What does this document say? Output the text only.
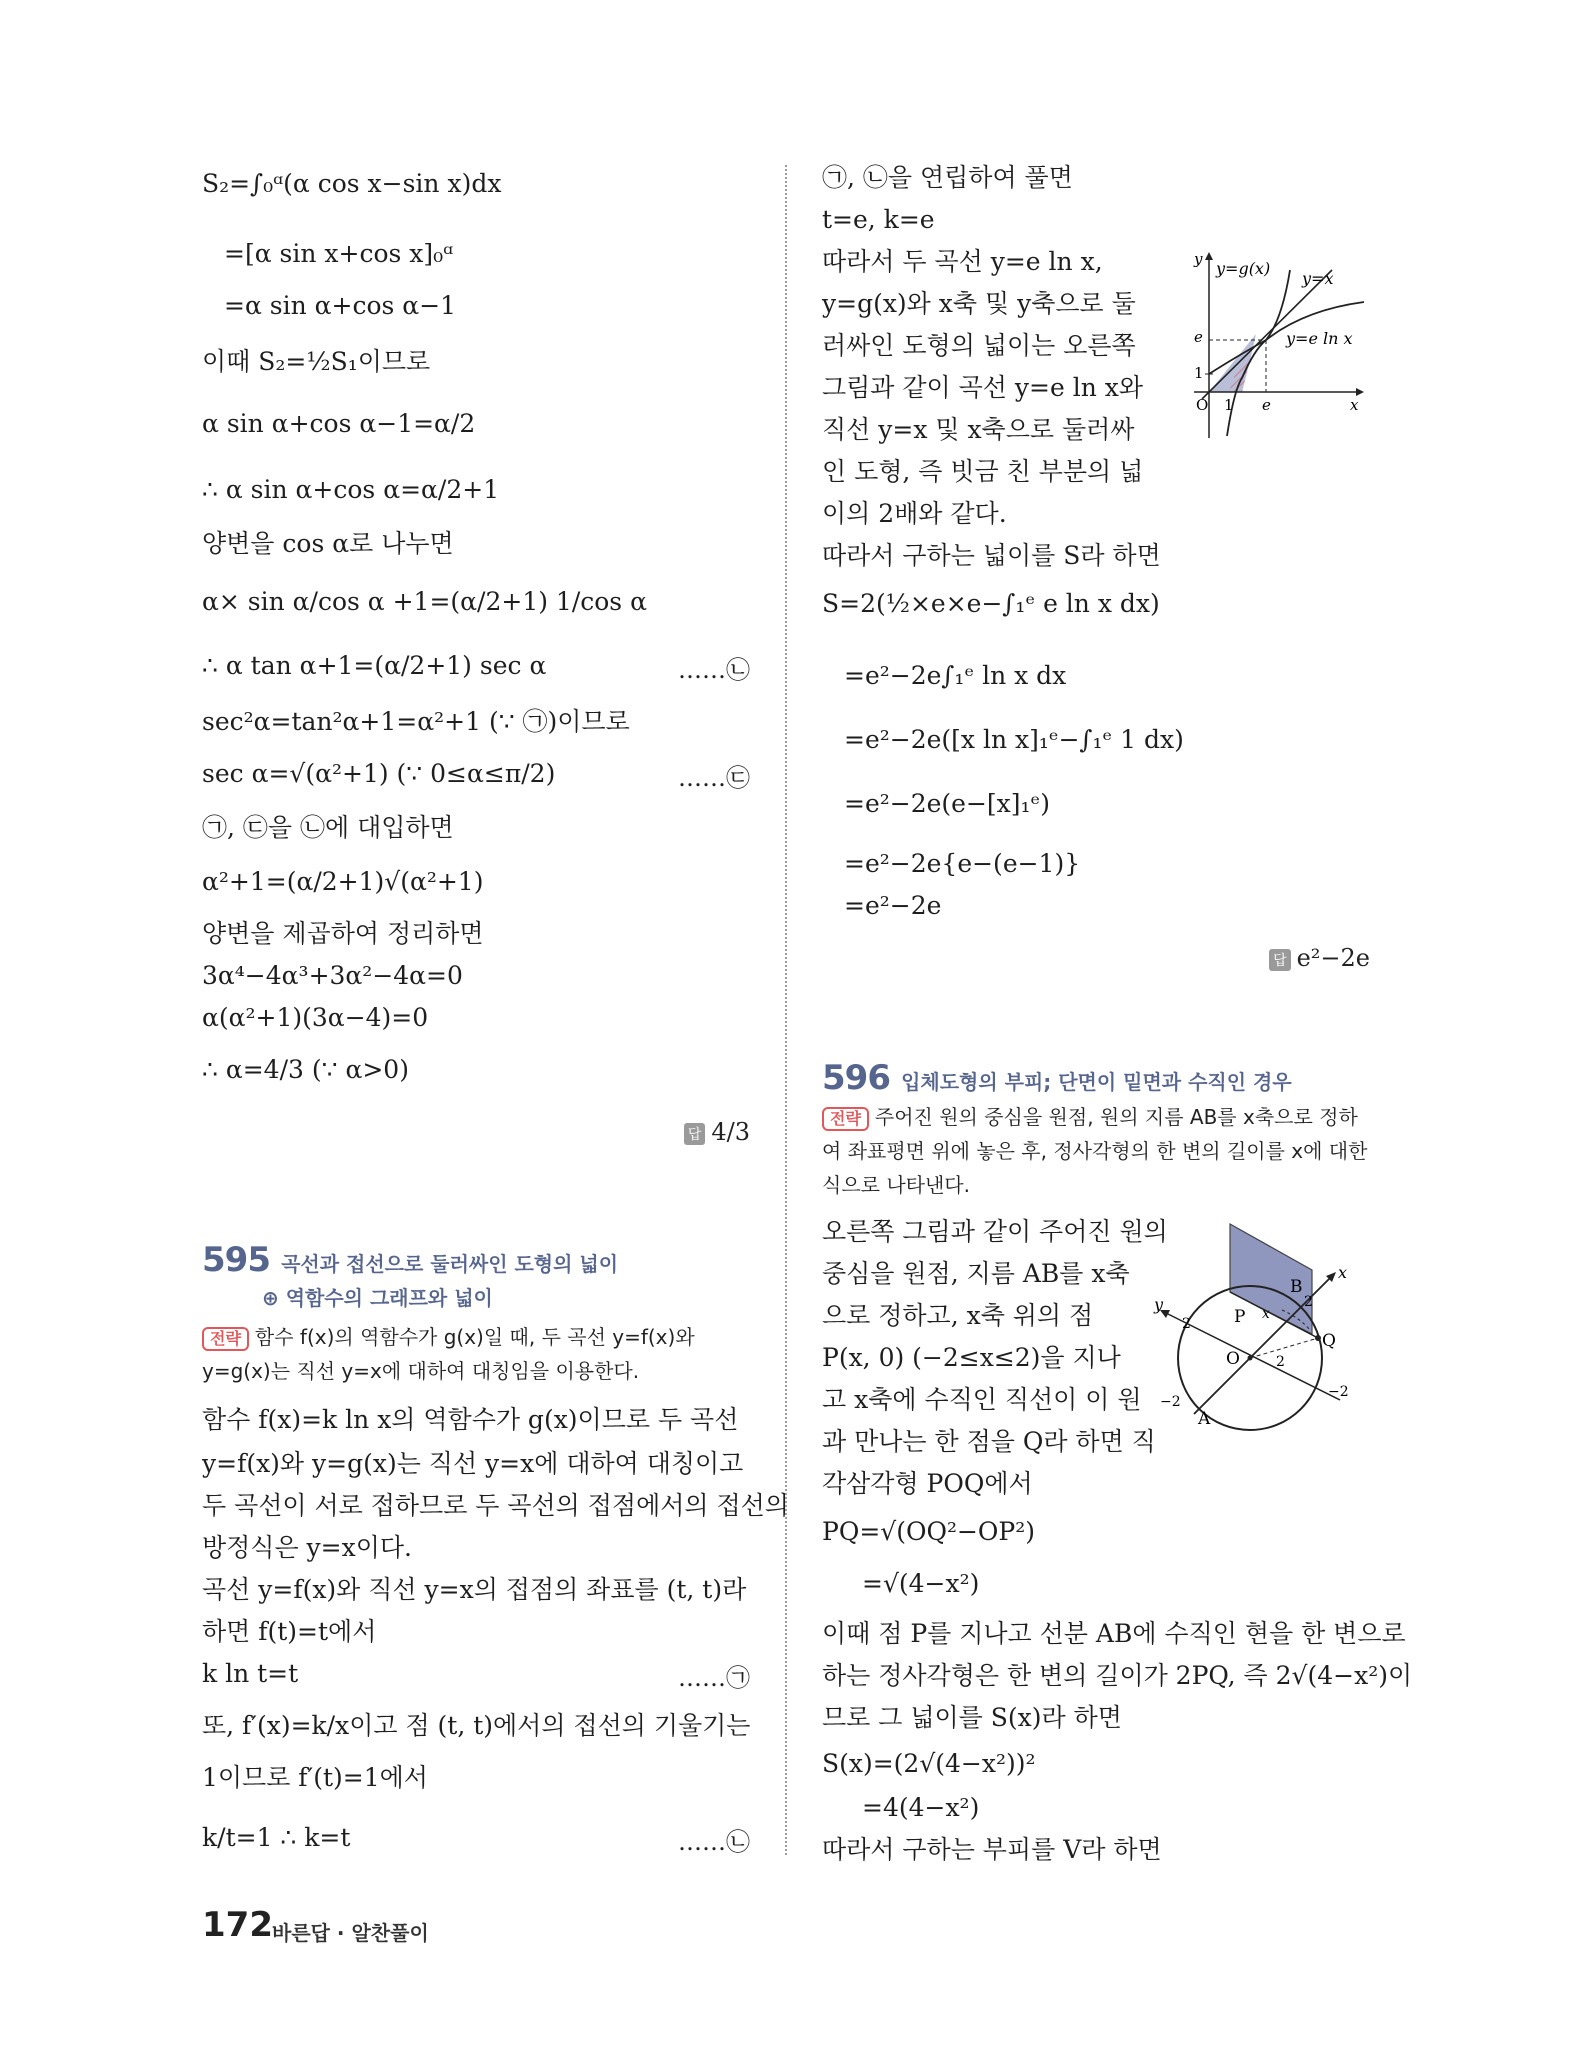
S₂=∫₀ᵅ(α cos x−sin x)dx
=[α sin x+cos x]₀ᵅ
=α sin α+cos α−1
이때 S₂=½S₁이므로
α sin α+cos α−1=α/2
∴ α sin α+cos α=α/2+1
양변을 cos α로 나누면
α× sin α/cos α +1=(α/2+1) 1/cos α
∴ α tan α+1=(α/2+1) sec α	……㉡
sec²α=tan²α+1=α²+1 (∵ ㉠)이므로
sec α=√(α²+1) (∵ 0≤α≤π/2)	……㉢
㉠, ㉢을 ㉡에 대입하면
α²+1=(α/2+1)√(α²+1)
양변을 제곱하여 정리하면
3α⁴−4α³+3α²−4α=0
α(α²+1)(3α−4)=0
∴ α=4/3 (∵ α>0)
답 4/3
595 곡선과 접선으로 둘러싸인 도형의 넓이
⊕ 역함수의 그래프와 넓이
전략 함수 f(x)의 역함수가 g(x)일 때, 두 곡선 y=f(x)와 y=g(x)는 직선 y=x에 대하여 대칭임을 이용한다.
함수 f(x)=k ln x의 역함수가 g(x)이므로 두 곡선
y=f(x)와 y=g(x)는 직선 y=x에 대하여 대칭이고
두 곡선이 서로 접하므로 두 곡선의 접점에서의 접선의
방정식은 y=x이다.
곡선 y=f(x)와 직선 y=x의 접점의 좌표를 (t, t)라
하면 f(t)=t에서
k ln t=t	……㉠
또, f′(x)=k/x이고 점 (t, t)에서의 접선의 기울기는
1이므로 f′(t)=1에서
k/t=1 ∴ k=t	……㉡
㉠, ㉡을 연립하여 풀면
t=e, k=e
따라서 두 곡선 y=e ln x,
y=g(x)와 x축 및 y축으로 둘
러싸인 도형의 넓이는 오른쪽
그림과 같이 곡선 y=e ln x와
직선 y=x 및 x축으로 둘러싸
인 도형, 즉 빗금 친 부분의 넓
이의 2배와 같다.
따라서 구하는 넓이를 S라 하면
S=2(½×e×e−∫₁ᵉ e ln x dx)
=e²−2e∫₁ᵉ ln x dx
=e²−2e([x ln x]₁ᵉ−∫₁ᵉ 1 dx)
=e²−2e(e−[x]₁ᵉ)
=e²−2e{e−(e−1)}
=e²−2e
답 e²−2e
y y=g(x)
y=x
e	y=e ln x
1
O 1 e	x
596 입체도형의 부피; 단면이 밑면과 수직인 경우
전략 주어진 원의 중심을 원점, 원의 지름 AB를 x축으로 정하여 좌표평면 위에 놓은 후, 정사각형의 한 변의 길이를 x에 대한 식으로 나타낸다.
오른쪽 그림과 같이 주어진 원의
중심을 원점, 지름 AB를 x축
으로 정하고, x축 위의 점
P(x, 0) (−2≤x≤2)을 지나
고 x축에 수직인 직선이 이 원
과 만나는 한 점을 Q라 하면 직
각삼각형 POQ에서
PQ=√(OQ²−OP²)
=√(4−x²)
이때 점 P를 지나고 선분 AB에 수직인 현을 한 변으로
하는 정사각형은 한 변의 길이가 2PQ, 즉 2√(4−x²)이
므로 그 넓이를 S(x)라 하면
S(x)=(2√(4−x²))²
=4(4−x²)
따라서 구하는 부피를 V라 하면
x
B
2
y
2	P x
Q
O	2
−2
−2
A
172 바른답 · 알찬풀이
